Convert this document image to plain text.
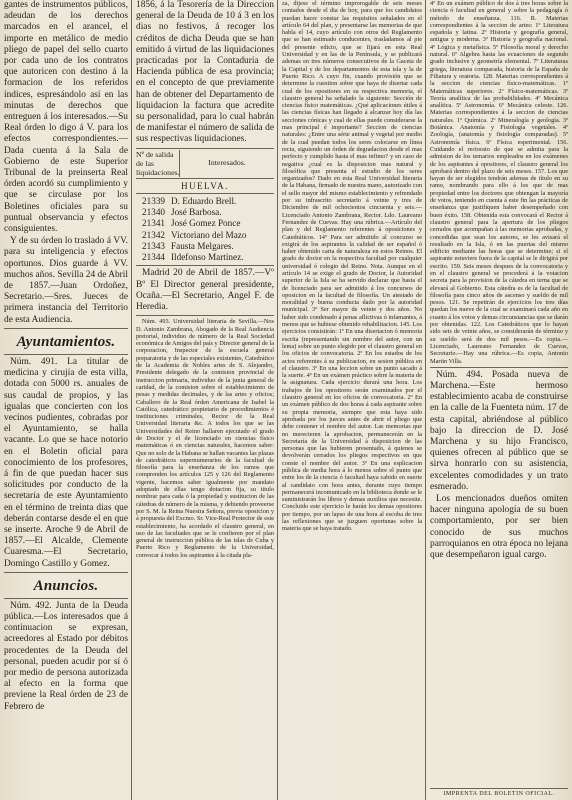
gantes de instrumentos públicos, adeudan de los derechos marcados en el arancel, el importe en metálico de medio pliego de papel del sello cuarto por cada uno de los contratos que autoricen con destino á la formacion de los referidos índices, espresándolo así en las minutas de derechos que entreguen á los interesados.—Su Real órden lo digo á V. para los efectos correspondientes.— Dada cuenta á la Sala de Gobierno de este Superior Tribunal de la preinserta Real órden acordó su cumplimiento y que se circulase por los Boletines oficiales para su puntual observancia y efectos consiguientes.

Y de su órden lo traslado á VV. para su inteligencia y efectos oportunos. Dios guarde á VV. muchos años. Sevilla 24 de Abril de 1857.—Juan Ordoñez, Secretario.—Sres. Jueces de primera instancia del Territorio de esta Audiencia.

Ayuntamientos.

Núm. 491. La titular de medicina y cirujía de esta villa, dotada con 5000 rs. anuales de sus caudal de propios, y las igualas que concierten con los vecinos pudientes, cobradas por el Ayuntamiento, se halla vacante. Lo que se hace notorio en el Boletin oficial para conocimiento de los profesores, á fin de que puedan hacer sus solicitudes por conducto de la secretaría de este Ayuntamiento en el término de treinta dias que deberán contarse desde el en que se inserte. Aroche 9 de Abril de 1857.—El Alcalde, Clemente Cuaresma.—El Secretario, Domingo Castillo y Gomez.

Anuncios.

Núm. 492. Junta de la Deuda pública.—Los interesados que á continuacion se expresan, acreedores al Estado por débitos procedentes de la Deuda del personal, pueden acudir por sí ó por medio de persona autorizada al efecto en la forma que previene la Real órden de 23 de Febrero de

1856, á la Tesorería de la Direccion general de la Deuda de 10 á 3 en los dias no festivos, á recoger los créditos de dicha Deuda que se han emitido á virtud de las liquidaciones practicadas por la Contaduría de Hacienda pública de esa provincia; en el concepto de que previamente han de obtener del Departamento de liquidacion la factura que acredite su personalidad, para lo cual habrán de manifestar el número de salida de sus respectivas liquidaciones.

Nº de salida de las liquidaciones.
Interesados.
HUELVA.
21339	D. Eduardo Brell.
21340	José Barbosa.
21341	José Gomez Ponce
21342	Victoriano del Mazo
21343	Fausta Melgares.
21344	Ildefonso Martinez.

Madrid 20 de Abril de 1857.—Vº Bº El Director general presidente, Ocaña.—El Secretario, Angel F. de Heredia.

Núm. 493. Universidad literaria de Sevilla.—Nos D. Antonio Zambrana, Abogado de la Real Audiencia pretorial, individuo de número de la Real Sociedad económica de Amigos del país y Director general de la corporacion, Inspector de la escuela general preparatoria y de las especiales existentes, Catedrático de la Academia de Nobles artes de S. Alejandro, Presidente delegado de la comision provincial de instruccion primaria, individuo de la junta general de caridad, de la comision sobre el establecimiento de pesas y medidas decimales, y de las artes y oficios; Caballero de la Real órden Americana de Isabel la Católica, catedrático propietario de procedimientos é instituciones criminales, Rector de la Real Universidad literaria &c. A todos los que se las Universidades del Reino hallaren ejecutado el grado de Doctor y el de licenciado en ciencias físico matemáticas ó en ciencias naturales, hacemos saber: Que no solo de la Habana se hallan vacantes las plazas de catedráticos supernumerarios de la facultad de filosofía para la enseñanza de los ramos que comprenden los artículos 125 y 126 del Reglamento vigente, hacemos saber igualmente por mandato adoptado de ellas tengo dotacion fija, su titulo nombrar para cada ó la propiedad y sustitucion de las cátedras de número de la misma, y debiendo proveerse por S. M. la Reina Nuestra Señora, previa oposicion y á propuesta del Excmo. Sr. Vice-Real Protector de este establecimiento, ha acordado el claustro general, en uso de las facultades que se le confieren por el plan general de instruccion pública de las islas de Cuba y Puerto Rico y Reglamento de la Universidad, convocar á todos los aspirantes á la citada pla-

za, dijese el término improrogable de seis meses contados desde el dia de hoy, para que los candidatos puedan hacer constar las requisitos señalados en el artículo 64 del plan, y presentarse las memorias de que habla el 14, cuyo artículo con otros del Reglamento que se han estimado conducentes, trasladamos al pie del presente edicto, que se fijará en esta Real Universidad y en las de la Península, y se publicará ademas en tres números consecutivos de la Gaceta de la Capital y de los departamentos de esta isla y la de Puerto Rico. A cuyo fin, cuando provisión que se determine la cuestion sobre que haya de disertar cada cual de los opositores en su respectiva memoria, el claustro general ha señalado la siguiente: Sección de ciencias físico matemáticas. ¿Qué aplicaciones útiles á las ciencias físicas han llegado á alcanzar hoy día las secciones cónicas y cual de ellas puede considerarse la mas principal é importante? Seccion de ciencias naturales: ¿Entre una série animal y vegetal por medio de la cual puedan todos los seres colocarse en línea recta, siguiendo un órden de degradacion desde el mas perfecto y cumplido hasta el mas infimo? y en caso de negativa ¿cual es la disposicion mas natural y filosófica que presenta el estudio de los seres organizados? Dado en esta Real Universidad literaria de la Habana, firmado de nuestra mano, autorizado con el sello mayor del mismo establecimiento y refrendado por su infrascrito secretario á veinte y tres de Diciembre de mil ochocientos cincuenta y seis.—Licenciado Antonio Zambrana, Rector. Ldo. Laureano Fernandez de Cuevas. Hay una rúbrica.—Artículo del plan y del Reglamento referentes á oposiciones y Catedráticos. 14º Para ser admitido al concurso se exigirá de los aspirantes la calidad de ser español ó haber obtenido carta de naturaleza en estos Reinos. El grado de doctor en la respectiva facultad por cualquier universidad ó colegio del Reino. Nota. Aunque en el artículo 14 se exige el grado de Doctor, la Autoridad superior de la Isla se ha servido declarar que basta el de licenciado para ser admitido á los concursos de oposicion en la facultad de filosofía. Un atestado de moralidad y buena conducta dado por la autoridad municipal. 3º Ser mayor de veinte y dos años. No haber sido condenado á penas aflictivas ó infamantes, á menos que se hubiese obtenido rehabilitacion. 145. Los ejercicios consistirán: 1º En una disertacion ó memoria escrita (representando sin nombre del autor, con un lema) sobre un punto elegido por el claustro general en los oficios de convocatoria. 2º En los estados de los actos referentes á su publicacion, en sesion pública en el claustro. 3º En una leccion sobre un punto sacado á la suerte. 4º En un exámen práctico sobre la materia de la asignatura. Cada ejercicio durará una hora. Los trabajos de los opositores serán examinados por el claustro general en los oficios de convocatoria. 2º En un exámen público de dos horas á cada aspirante sobre su propia memoria, siempre que esta haya sido aprobada por los jueces antes de abrir el pliego que debe contener el nombre del autor. Las memorias que no merecieren la aprobacion, permanecerán en la Secretaría de la Universidad á disposicion de las personas que las hubieren presentado, á quienes se devolverán cerrados los pliegos respectivos en que conste el nombre del autor. 3º En una esplicacion pública de media hora á lo menos sobre el punto que entre los de la ciencia ó facultad haya cabido en suerte al candidato con hora antes, durante cuyo tiempo permanecerá incomunicado en la biblioteca donde se le suministrarán los libros y demas auxilios que necesite. Concluido este ejercicio le harán los demas opositores por tiempo, por un lapso de una hora al escoba de tres las reflexiones que se juzguen oportunas sobre la materia que se haya tratado.

4º En un exámen público de dos á tres horas sobre la ciencia ó facultad en general y sobre la pedagogía ó método de enseñanza. 116. R. Materias correspondientes á la seccion de artes: 1º Literatura española y latina. 2º Historia y geografía general, antigua y moderna. 3º Historia y geografía nacional. 4º Lógica y metafísica. 5º Filosofía moral y derecho natural. 6º Algebra hasta las ecuaciones de segundo grado inclusive y geometría elemental. 7º Literaturas griega, literatura comparada, historia de la España de Filiatura y oratoria. 128. Materias correspondientes á la seccion de ciencias físico-matemáticas. 1º Matemáticas superiores. 2º Físico-matemáticas. 3º Teoría analítica de las probabilidades. 4º Mecánica analítica. 5º Astronomía. 6º Mecánica celeste. 126. Materias correspondientes á la seccion de ciencias naturales. 1º Química. 2º Mineralogía y geología. 3º Botánica. Anatomía y Fisiología vegetales. 4º Zoología, (anatomía y fisiología comparadas). 5º Astronomía física. 6º Física esperimental. 156. Cuidando el rectorato de que se admita para la admision de los temarios empleados en los exámenes de los aspirantes á opositores, el claustro general los aprobará dentro del plazo de seis meses. 157. Los que hayan de ser elegidos tendrán ademas de título en su ramo, nombrando para ello á los que de mas propiedad entre los doctores que obtengan la mayoría de votos, teniendo en cuenta á este fin las prácticas de enseñanza que justifiquen haber desempeñado con buen éxito. 158. Obtenida esta convocará el Rector á claustro general para la apertura de los pliegos cerrados que acompañan á las memorias aprobadas, y concedidas que sean los autores, se les avisará el resultado en la Isla, ó en las puertas del mismo edificio mediante las horas que se determine; si el aspirante estuviere fuera de la capital se le dirigirá por escrito. 159. Seis meses despues de la convocatoria y en el claustro general se procederá á la votacion secreta para la provision de la cátedra en terna que se elevará al Gobierno. Esta cátedra es de la facultad de filosofía para cinco años de ascenso y sueldo de mil pesos. 121. Se repetirán de ejercicios los tres días quedan los nueve de la cual se examinará cada año en cuanto á los votos y demas circunstancias que se darán por obtenidas. 122. Los Catedráticos que lo hayan sido seis de veinte años, se considerarán de término y su sueldo será de dos mil pesos.—Es copia.—Licenciado, Laureano Fernandez de Cuevas, Secretario.—Hay una rúbrica.—Es copia, Antonio Martin Villa.

Núm. 494. Posada nueva de Marchena.—Este hermoso establecimiento acaba de construirse en la calle de la Fuenteta núm. 17 de esta capital, abriéndose al público bajo la direccion de D. José Marchena y su hijo Francisco, quienes ofrecen al público que se sirva honrarlo con su asistencia, excelentes comodidades y un trato esmerado.

Los mencionados dueños omiten hacer ninguna apología de su buen comportamiento, por ser bien conocido de sus muchos parroquianos en otra época no lejana que desempeñaron igual cargo.

IMPRENTA DEL BOLETIN OFICIAL.
